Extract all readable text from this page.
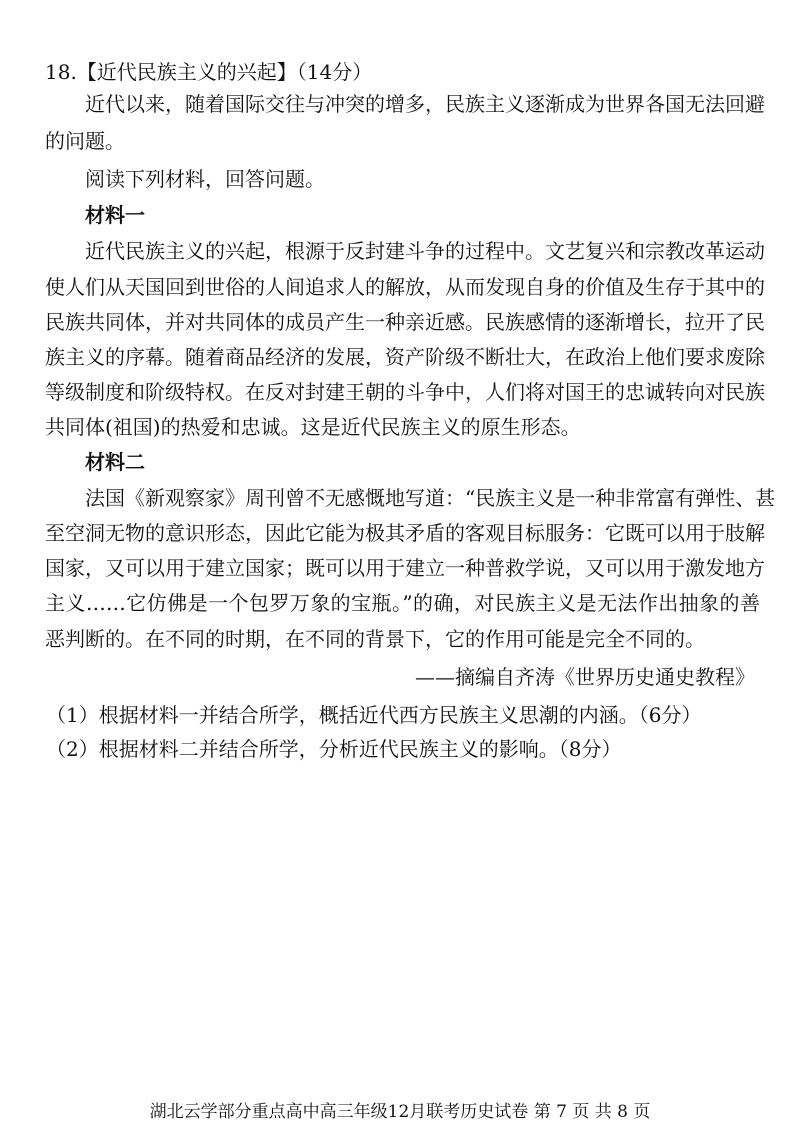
18.【近代民族主义的兴起】（14分）

近代以来，随着国际交往与冲突的增多，民族主义逐渐成为世界各国无法回避

的问题。

阅读下列材料，回答问题。

材料一

近代民族主义的兴起，根源于反封建斗争的过程中。文艺复兴和宗教改革运动

使人们从天国回到世俗的人间追求人的解放，从而发现自身的价值及生存于其中的

民族共同体，并对共同体的成员产生一种亲近感。民族感情的逐渐增长，拉开了民

族主义的序幕。随着商品经济的发展，资产阶级不断壮大，在政治上他们要求废除

等级制度和阶级特权。在反对封建王朝的斗争中，人们将对国王的忠诚转向对民族

共同体(祖国)的热爱和忠诚。这是近代民族主义的原生形态。

材料二

法国《新观察家》周刊曾不无感慨地写道：“民族主义是一种非常富有弹性、甚

至空洞无物的意识形态，因此它能为极其矛盾的客观目标服务：它既可以用于肢解

国家，又可以用于建立国家；既可以用于建立一种普救学说，又可以用于激发地方

主义……它仿佛是一个包罗万象的宝瓶。”的确，对民族主义是无法作出抽象的善

恶判断的。在不同的时期，在不同的背景下，它的作用可能是完全不同的。

——摘编自齐涛《世界历史通史教程》

（1）根据材料一并结合所学，概括近代西方民族主义思潮的内涵。（6分）

（2）根据材料二并结合所学，分析近代民族主义的影响。（8分）

湖北云学部分重点高中高三年级12月联考历史试卷 第 7 页 共 8 页
